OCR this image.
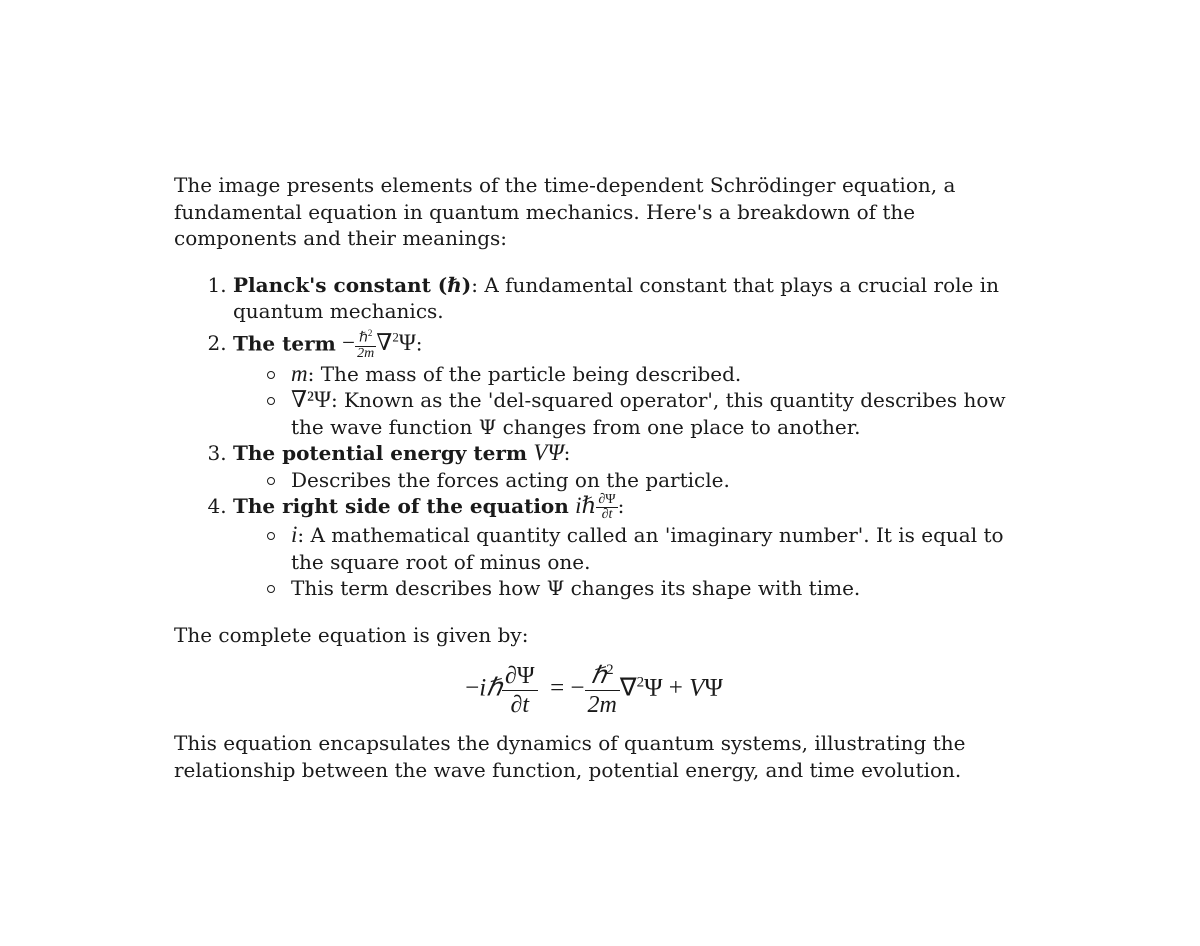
The image presents elements of the time-dependent Schrödinger equation, a fundamental equation in quantum mechanics. Here's a breakdown of the components and their meanings:

1. Planck's constant (ℏ): A fundamental constant that plays a crucial role in quantum mechanics.
2. The term − $\frac{\hbar^2}{2m} \nabla^2\Psi$:
m: The mass of the particle being described.
∇²Ψ: Known as the 'del-squared operator', this quantity describes how the wave function Ψ changes from one place to another.
3. The potential energy term VΨ:
Describes the forces acting on the particle.
4. The right side of the equation iℏ $\frac{\partial\Psi}{\partial t}$ :
i: A mathematical quantity called an 'imaginary number'. It is equal to the square root of minus one.
This term describes how Ψ changes its shape with time.

The complete equation is given by:

−iℏ $\frac{\partial\Psi}{\partial t}$ = − $\frac{\hbar^2}{2m} \nabla^2\Psi + V\Psi$

This equation encapsulates the dynamics of quantum systems, illustrating the relationship between the wave function, potential energy, and time evolution.
